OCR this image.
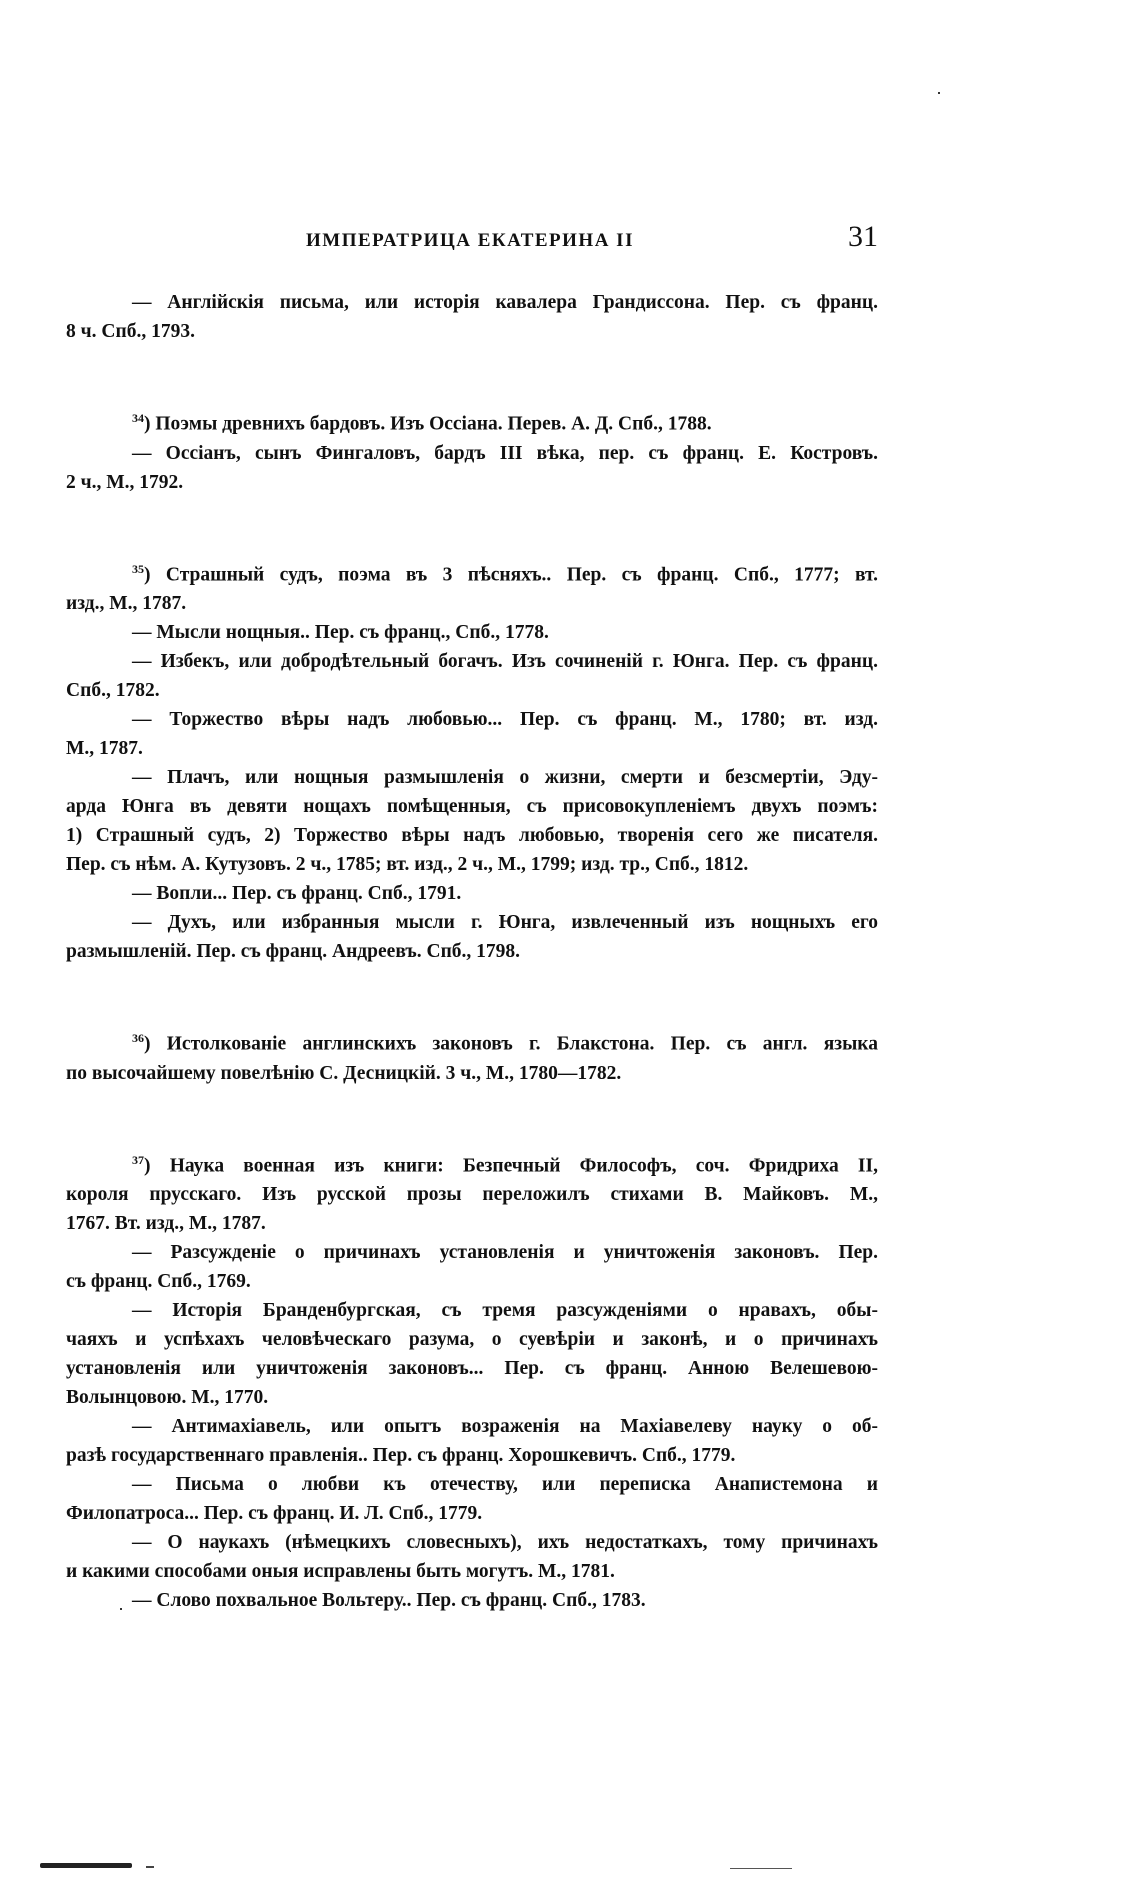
ИМПЕРАТРИЦА ЕКАТЕРИНА II	31
— Англійскія письма, или исторія кавалера Грандиссона. Пер. съ франц.
8 ч. Спб., 1793.
$^{34}$) Поэмы древнихъ бардовъ. Изъ Оссіана. Перев. А. Д. Спб., 1788.
— Оссіанъ, сынъ Фингаловъ, бардъ III вѣка, пер. съ франц. Е. Костровъ.
2 ч., М., 1792.
$^{35}$) Страшный судъ, поэма въ 3 пѣсняхъ.. Пер. съ франц. Спб., 1777; вт.
изд., М., 1787.
— Мысли нощныя.. Пер. съ франц., Спб., 1778.
— Избекъ, или добродѣтельный богачъ. Изъ сочиненій г. Юнга. Пер. съ франц.
Спб., 1782.
— Торжество вѣры надъ любовью... Пер. съ франц. М., 1780; вт. изд.
М., 1787.
— Плачъ, или нощныя размышленія о жизни, смерти и безсмертіи, Эду-
арда Юнга въ девяти нощахъ помѣщенныя, съ присовокупленіемъ двухъ поэмъ:
1) Страшный судъ, 2) Торжество вѣры надъ любовью, творенія сего же писателя.
Пер. съ нѣм. А. Кутузовъ. 2 ч., 1785; вт. изд., 2 ч., М., 1799; изд. тр., Спб., 1812.
— Вопли... Пер. съ франц. Спб., 1791.
— Духъ, или избранныя мысли г. Юнга, извлеченный изъ нощныхъ его
размышленій. Пер. съ франц. Андреевъ. Спб., 1798.
$^{36}$) Истолкованіе англинскихъ законовъ г. Блакстона. Пер. съ англ. языка
по высочайшему повелѣнію С. Десницкій. 3 ч., М., 1780—1782.
$^{37}$) Наука военная изъ книги: Безпечный Философъ, соч. Фридриха II,
короля прусскаго. Изъ русской прозы переложилъ стихами В. Майковъ. М.,
1767. Вт. изд., М., 1787.
— Разсужденіе о причинахъ установленія и уничтоженія законовъ. Пер.
съ франц. Спб., 1769.
— Исторія Бранденбургская, съ тремя разсужденіями о нравахъ, обы-
чаяхъ и успѣхахъ человѣческаго разума, о суевѣріи и законѣ, и о причинахъ
установленія или уничтоженія законовъ... Пер. съ франц. Анною Велешевою-
Волынцовою. М., 1770.
— Антимахіавель, или опытъ возраженія на Махіавелеву науку о об-
разѣ государственнаго правленія.. Пер. съ франц. Хорошкевичъ. Спб., 1779.
— Письма о любви къ отечеству, или переписка Анапистемона и
Филопатроса... Пер. съ франц. И. Л. Спб., 1779.
— О наукахъ (нѣмецкихъ словесныхъ), ихъ недостаткахъ, тому причинахъ
и какими способами оныя исправлены быть могутъ. М., 1781.
— Слово похвальное Вольтеру.. Пер. съ франц. Спб., 1783.
